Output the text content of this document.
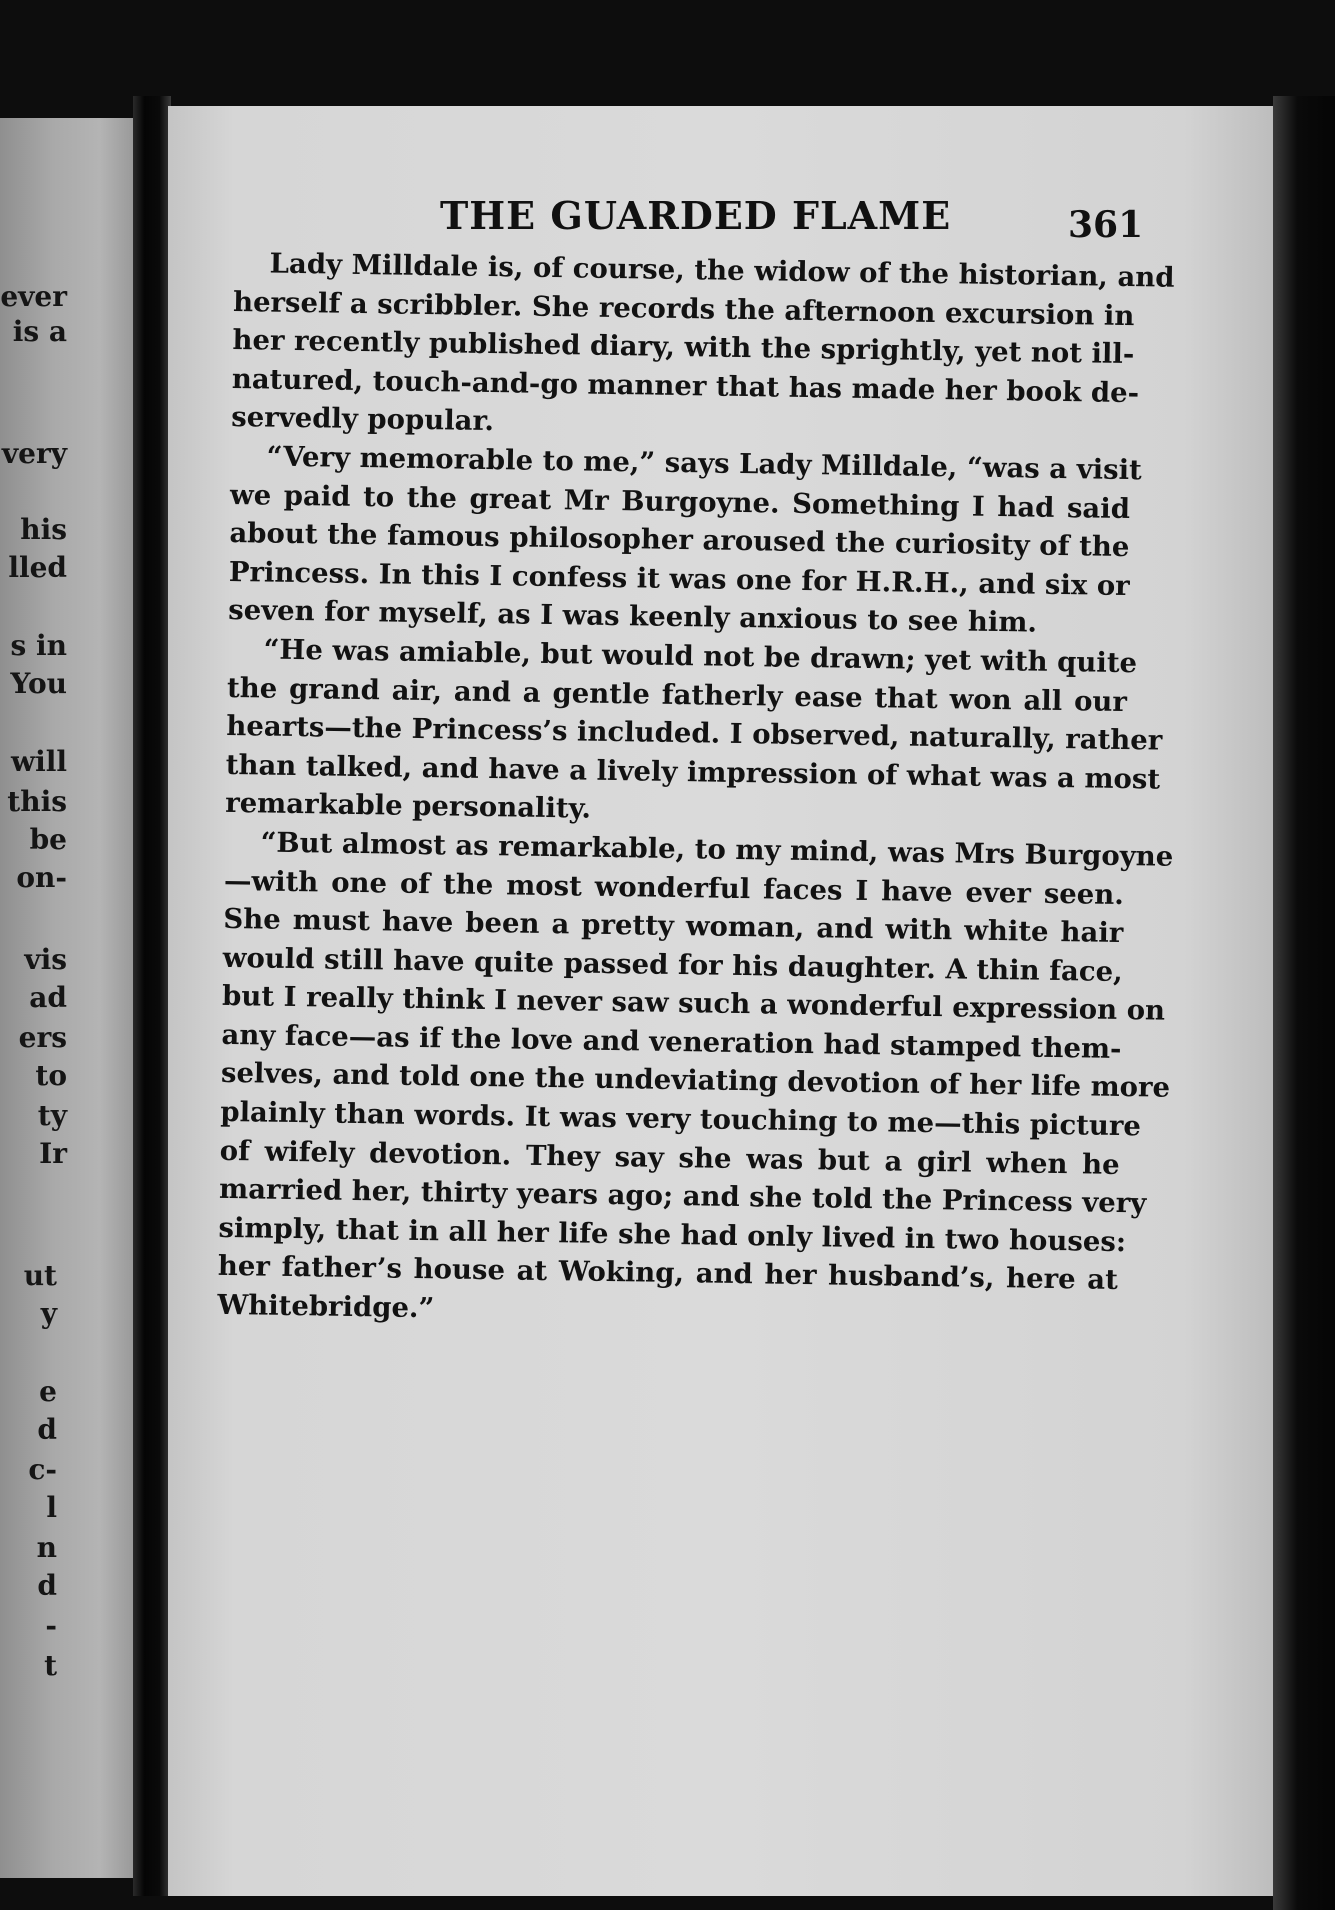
ever
is a
very
his
lled
s in
You
will
this
be
on-
vis
ad
ers
to
ty
Ir
ut
y
e
d
c-
l
n
d
-
t
THE GUARDED FLAME	361
Lady Milldale is, of course, the widow of the historian, and
herself a scribbler. She records the afternoon excursion in
her recently published diary, with the sprightly, yet not ill-
natured, touch-and-go manner that has made her book de-
servedly popular.
“Very memorable to me,” says Lady Milldale, “was a visit
we paid to the great Mr Burgoyne. Something I had said
about the famous philosopher aroused the curiosity of the
Princess. In this I confess it was one for H.R.H., and six or
seven for myself, as I was keenly anxious to see him.
“He was amiable, but would not be drawn; yet with quite
the grand air, and a gentle fatherly ease that won all our
hearts—the Princess’s included. I observed, naturally, rather
than talked, and have a lively impression of what was a most
remarkable personality.
“But almost as remarkable, to my mind, was Mrs Burgoyne
—with one of the most wonderful faces I have ever seen.
She must have been a pretty woman, and with white hair
would still have quite passed for his daughter. A thin face,
but I really think I never saw such a wonderful expression on
any face—as if the love and veneration had stamped them-
selves, and told one the undeviating devotion of her life more
plainly than words. It was very touching to me—this picture
of wifely devotion. They say she was but a girl when he
married her, thirty years ago; and she told the Princess very
simply, that in all her life she had only lived in two houses:
her father’s house at Woking, and her husband’s, here at
Whitebridge.”
